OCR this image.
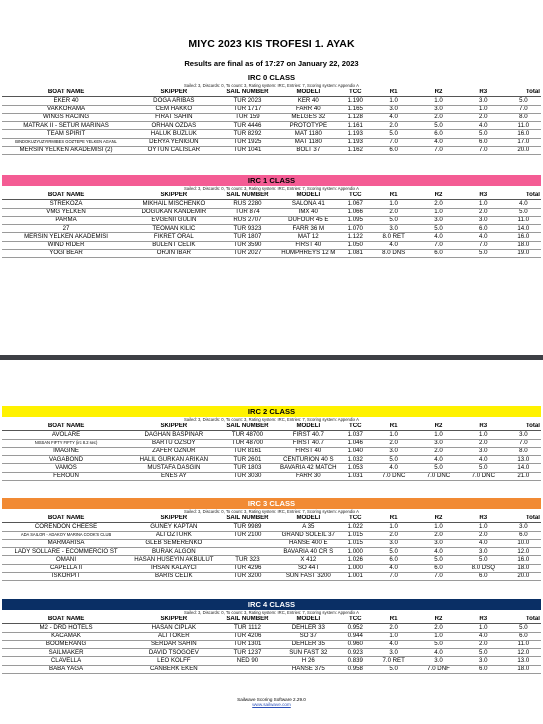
MIYC 2023 KIS TROFESI 1. AYAK
Results are final as of 17:27 on January 22, 2023
IRC 0 CLASS
Sailed: 3, Discards: 0, To count: 3, Rating system: IRC, Entries: 7, Scoring system: Appendix A
BOAT NAME	SKIPPER	SAIL NUMBER	MODELI	TCC	R1	R2	R3	Total
EKER 40	DOGA ARIBAS	TUR 2023	KER 40	1.190	1.0	1.0	3.0	5.0
VAKKORAMA	CEM HAKKO	TUR 1717	FARR 40	1.165	3.0	3.0	1.0	7.0
WINGS RACING	FIRAT SAHIN	TUR 159	MELGES 32	1.128	4.0	2.0	2.0	8.0
MATRAK II - SETUR MARINAS	ORHAN OZDAS	TUR 4446	PROTOTYPE	1.161	2.0	5.0	4.0	11.0
TEAM SPIRIT	HALUK BUZLUK	TUR 8292	MAT 1180	1.193	5.0	6.0	5.0	16.0
BINDOKUZYUZYIRMIBES GOZTEPE YELKEN AGANL	DERYA YENIGUN	TUR 1925	MAT 1180	1.193	7.0	4.0	6.0	17.0
MERSIN YELKEN AKADEMISI (2)	OYTUN CALISLAR	TUR 1041	BOLT 37	1.162	6.0	7.0	7.0	20.0
IRC 1 CLASS
Sailed: 3, Discards: 0, To count: 3, Rating system: IRC, Entries: 7, Scoring system: Appendix A
BOAT NAME	SKIPPER	SAIL NUMBER	MODELI	TCC	R1	R2	R3	Total
STREKOZA	MIKHAIL MISCHENKO	RUS 2280	SALONA 41	1.067	1.0	2.0	1.0	4.0
VMG YELKEN	DOGUKAN KANDEMIR	TUR 874	IMX 40	1.066	2.0	1.0	2.0	5.0
PARMA	EVGENII GULIN	RUS 2707	DUFOUR 45 E	1.095	5.0	3.0	3.0	11.0
27	TEOMAN KILIC	TUR 9323	FARR 36 M	1.070	3.0	5.0	6.0	14.0
MERSIN YELKEN AKADEMISI	FIKRET ORAL	TUR 1807	MAT 12	1.122	8.0 RET	4.0	4.0	16.0
WIND RIDER	BULENT CELIK	TUR 3590	FIRST 40	1.050	4.0	7.0	7.0	18.0
YOGI BEAR	ORJIN IBAR	TUR 2027	HUMPHREYS 12 M	1.081	8.0 DNS	6.0	5.0	19.0
IRC 2 CLASS
Sailed: 3, Discards: 0, To count: 3, Rating system: IRC, Entries: 7, Scoring system: Appendix A
BOAT NAME	SKIPPER	SAIL NUMBER	MODELI	TCC	R1	R2	R3	Total
AVOLARE	DAGHAN BASPINAR	TUR 48700	FIRST 40.7	1.037	1.0	1.0	1.0	3.0
NISSAN FIFTY FIFTY (irc 8.2 sec)	BARTU OZSOY	TUR 48700	FIRST 40.7	1.046	2.0	3.0	2.0	7.0
IMAGINE	ZAFER OZNUR	TUR 8161	FIRST 40	1.040	3.0	2.0	3.0	8.0
VAGABOND	HALIL GURKAN ARIKAN	TUR 2601	CENTURION 40 S	1.032	5.0	4.0	4.0	13.0
VAMOS	MUSTAFA DASGIN	TUR 1803	BAVARIA 42 MATCH	1.053	4.0	5.0	5.0	14.0
FEROUN	ENES AY	TUR 3030	FARR 30	1.031	7.0 DNC	7.0 DNC	7.0 DNC	21.0
IRC 3 CLASS
Sailed: 3, Discards: 0, To count: 3, Rating system: IRC, Entries: 7, Scoring system: Appendix A
BOAT NAME	SKIPPER	SAIL NUMBER	MODELI	TCC	R1	R2	R3	Total
CORENDON CHEESE	GUNEY KAPTAN	TUR 9989	A 35	1.022	1.0	1.0	1.0	3.0
ADA SAILOR - ADAKOY MARINA COOK'S CLUB	ALI OZTURK	TUR 2100	GRAND SOLEIL 37	1.015	2.0	2.0	2.0	6.0
MARMARISA	GLEB SEMERENKO		HANSE 400 E	1.015	3.0	3.0	4.0	10.0
LADY SOLLARE - ECOMMERCIO ST	BURAK ALGON		BAVARIA 40 CR S	1.000	5.0	4.0	3.0	12.0
OMANI	HASAN HUSEYIN AKBULUT	TUR 323	X 412	1.026	6.0	5.0	5.0	16.0
CAPELLA II	IHSAN KALAYCI	TUR 4296	SO 44 I	1.000	4.0	6.0	8.0 DSQ	18.0
ISKORPIT	BARIS CELIK	TUR 3200	SUN FAST 3200	1.001	7.0	7.0	6.0	20.0
IRC 4 CLASS
Sailed: 3, Discards: 0, To count: 3, Rating system: IRC, Entries: 7, Scoring system: Appendix A
BOAT NAME	SKIPPER	SAIL NUMBER	MODELI	TCC	R1	R2	R3	Total
M2 - DRD HOTELS	HASAN CIPLAK	TUR 1112	DEHLER 33	0.952	2.0	2.0	1.0	5.0
KACAMAK	ALI TOKER	TUR 4206	SO 37	0.944	1.0	1.0	4.0	6.0
BOOMERANG	SERDAR SAHIN	TUR 1301	DEHLER 35	0.960	4.0	5.0	2.0	11.0
SAILMAKER	DAVID TSOGOEV	TUR 1237	SUN FAST 32	0.923	3.0	4.0	5.0	12.0
CLAVELLA	LEO KOLFF	NED 90	H 26	0.839	7.0 RET	3.0	3.0	13.0
BABA YAGA	CANBERK EKEN		HANSE 375	0.958	5.0	7.0 DNF	6.0	18.0
Sailwave Scoring Software 2.29.0
www.sailwave.com
